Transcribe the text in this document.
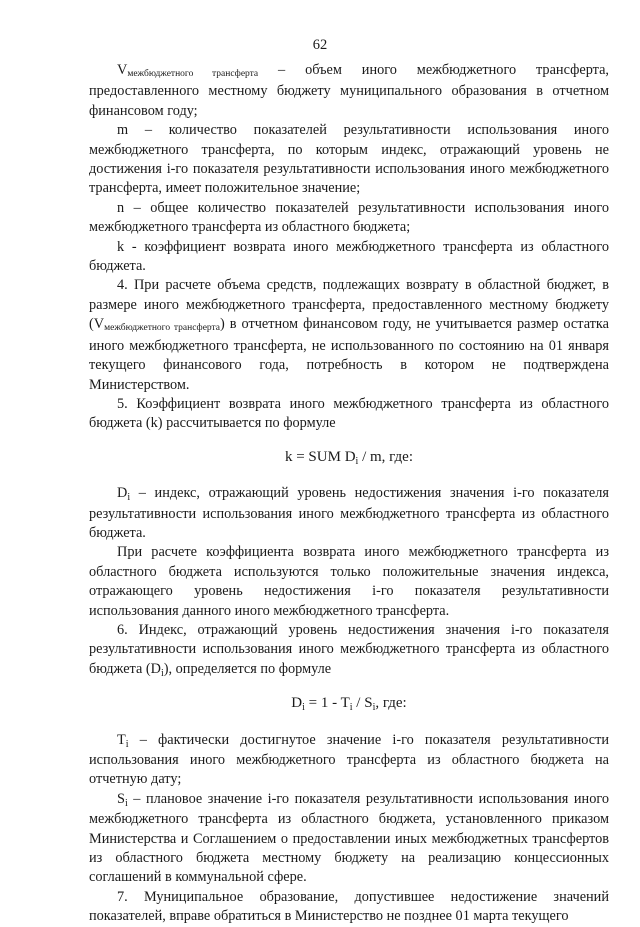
62

Vмежбюджетного трансферта – объем иного межбюджетного трансферта, предоставленного местному бюджету муниципального образования в отчетном финансовом году;

m – количество показателей результативности использования иного межбюджетного трансферта, по которым индекс, отражающий уровень не достижения i-го показателя результативности использования иного межбюджетного трансферта, имеет положительное значение;

n – общее количество показателей результативности использования иного межбюджетного трансферта из областного бюджета;

k - коэффициент возврата иного межбюджетного трансферта из областного бюджета.

4. При расчете объема средств, подлежащих возврату в областной бюджет, в размере иного межбюджетного трансферта, предоставленного местному бюджету (Vмежбюджетного трансферта) в отчетном финансовом году, не учитывается размер остатка иного межбюджетного трансферта, не использованного по состоянию на 01 января текущего финансового года, потребность в котором не подтверждена Министерством.

5. Коэффициент возврата иного межбюджетного трансферта из областного бюджета (k) рассчитывается по формуле

k = SUM $D_i$ / m, где:

$D_i$ – индекс, отражающий уровень недостижения значения i-го показателя результативности использования иного межбюджетного трансферта из областного бюджета.

При расчете коэффициента возврата иного межбюджетного трансферта из областного бюджета используются только положительные значения индекса, отражающего уровень недостижения i-го показателя результативности использования данного иного межбюджетного трансферта.

6. Индекс, отражающий уровень недостижения значения i-го показателя результативности использования иного межбюджетного трансферта из областного бюджета $(D_i)$, определяется по формуле

$D_i = 1 - T_i / S_i$, где:

$T_i$ – фактически достигнутое значение i-го показателя результативности использования иного межбюджетного трансферта из областного бюджета на отчетную дату;

$S_i$ – плановое значение i-го показателя результативности использования иного межбюджетного трансферта из областного бюджета, установленного приказом Министерства и Соглашением о предоставлении иных межбюджетных трансфертов из областного бюджета местному бюджету на реализацию концессионных соглашений в коммунальной сфере.

7. Муниципальное образование, допустившее недостижение значений показателей, вправе обратиться в Министерство не позднее 01 марта текущего
